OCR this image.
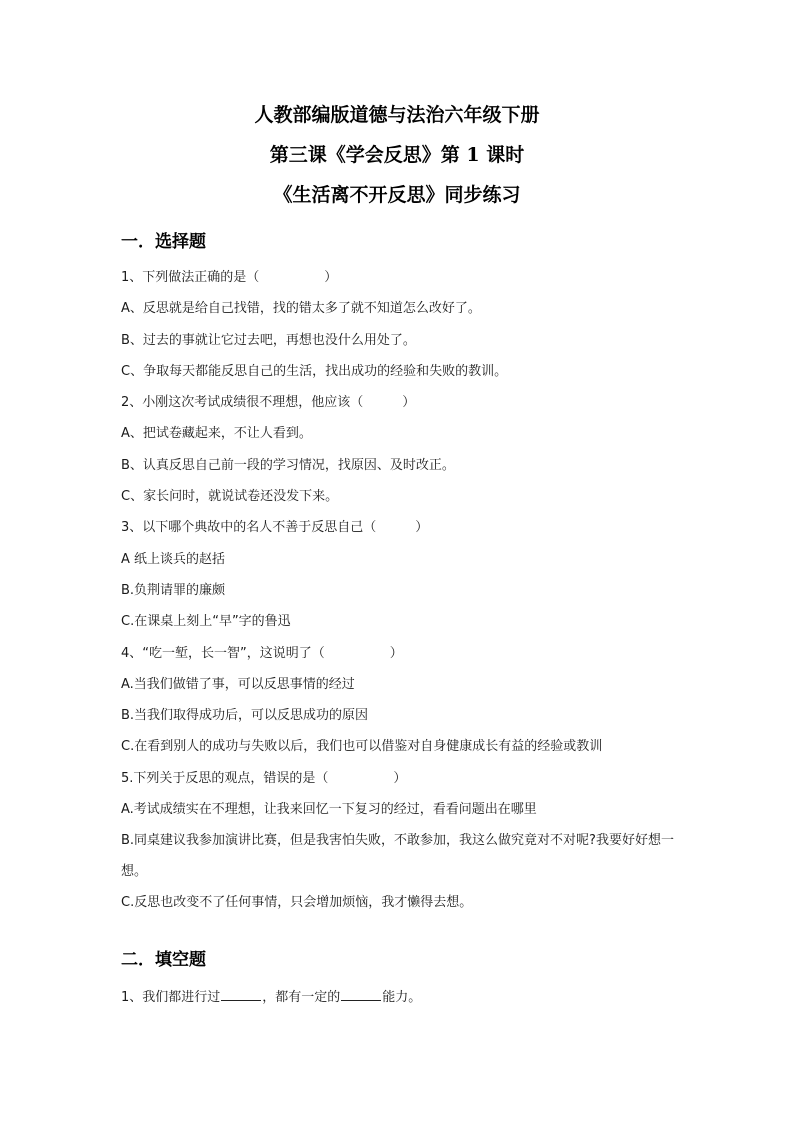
人教部编版道德与法治六年级下册
第三课《学会反思》第 1 课时
《生活离不开反思》同步练习
一．选择题
1、下列做法正确的是（　　　　　）
A、反思就是给自己找错，找的错太多了就不知道怎么改好了。
B、过去的事就让它过去吧，再想也没什么用处了。
C、争取每天都能反思自己的生活，找出成功的经验和失败的教训。
2、小刚这次考试成绩很不理想，他应该（　　　）
A、把试卷藏起来，不让人看到。
B、认真反思自己前一段的学习情况，找原因、及时改正。
C、家长问时，就说试卷还没发下来。
3、以下哪个典故中的名人不善于反思自己（　　　）
A 纸上谈兵的赵括
B.负荆请罪的廉颇
C.在课桌上刻上“早”字的鲁迅
4、“吃一堑，长一智”，这说明了（　　　　　）
A.当我们做错了事，可以反思事情的经过
B.当我们取得成功后，可以反思成功的原因
C.在看到别人的成功与失败以后，我们也可以借鉴对自身健康成长有益的经验或教训
5.下列关于反思的观点，错误的是（　　　　　）
A.考试成绩实在不理想，让我来回忆一下复习的经过，看看问题出在哪里
B.同桌建议我参加演讲比赛，但是我害怕失败，不敢参加，我这么做究竟对不对呢?我要好好想一想。
C.反思也改变不了任何事情，只会增加烦恼，我才懒得去想。
二．填空题
1、我们都进行过	，都有一定的	能力。
